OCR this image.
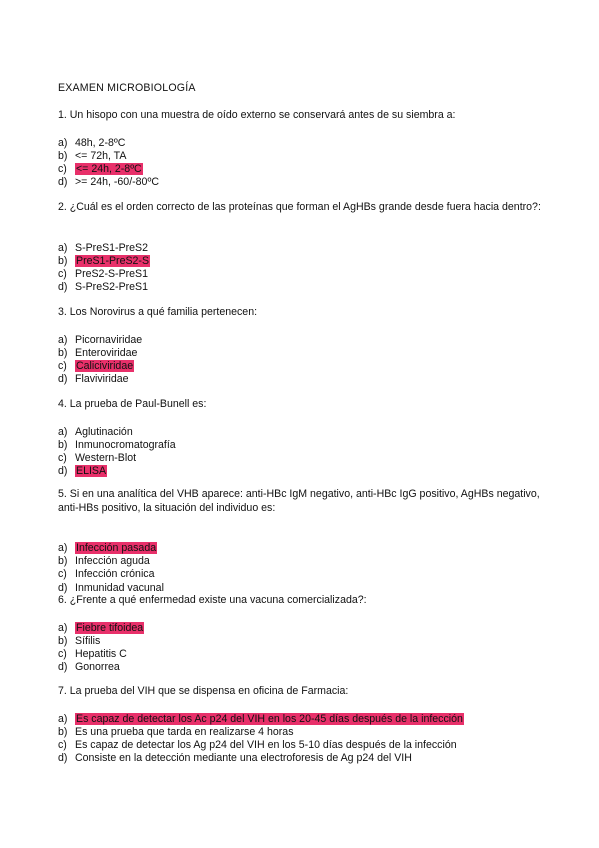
EXAMEN MICROBIOLOGÍA

1. Un hisopo con una muestra de oído externo se conservará antes de su siembra a:

a) 48h, 2-8ºC
b) <= 72h, TA
c) <= 24h, 2-8ºC
d) >= 24h, -60/-80ºC

2. ¿Cuál es el orden correcto de las proteínas que forman el AgHBs grande desde fuera hacia dentro?:

a) S-PreS1-PreS2
b) PreS1-PreS2-S
c) PreS2-S-PreS1
d) S-PreS2-PreS1

3. Los Norovirus a qué familia pertenecen:

a) Picornaviridae
b) Enteroviridae
c) Caliciviridae
d) Flaviviridae

4. La prueba de Paul-Bunell es:

a) Aglutinación
b) Inmunocromatografía
c) Western-Blot
d) ELISA

5. Si en una analítica del VHB aparece: anti-HBc IgM negativo, anti-HBc IgG positivo, AgHBs negativo, anti-HBs positivo, la situación del individuo es:

a) Infección pasada
b) Infección aguda
c) Infección crónica
d) Inmunidad vacunal

6. ¿Frente a qué enfermedad existe una vacuna comercializada?:

a) Fiebre tifoidea
b) Sífilis
c) Hepatitis C
d) Gonorrea

7. La prueba del VIH que se dispensa en oficina de Farmacia:

a) Es capaz de detectar los Ac p24 del VIH en los 20-45 días después de la infección
b) Es una prueba que tarda en realizarse 4 horas
c) Es capaz de detectar los Ag p24 del VIH en los 5-10 días después de la infección
d) Consiste en la detección mediante una electroforesis de Ag p24 del VIH
